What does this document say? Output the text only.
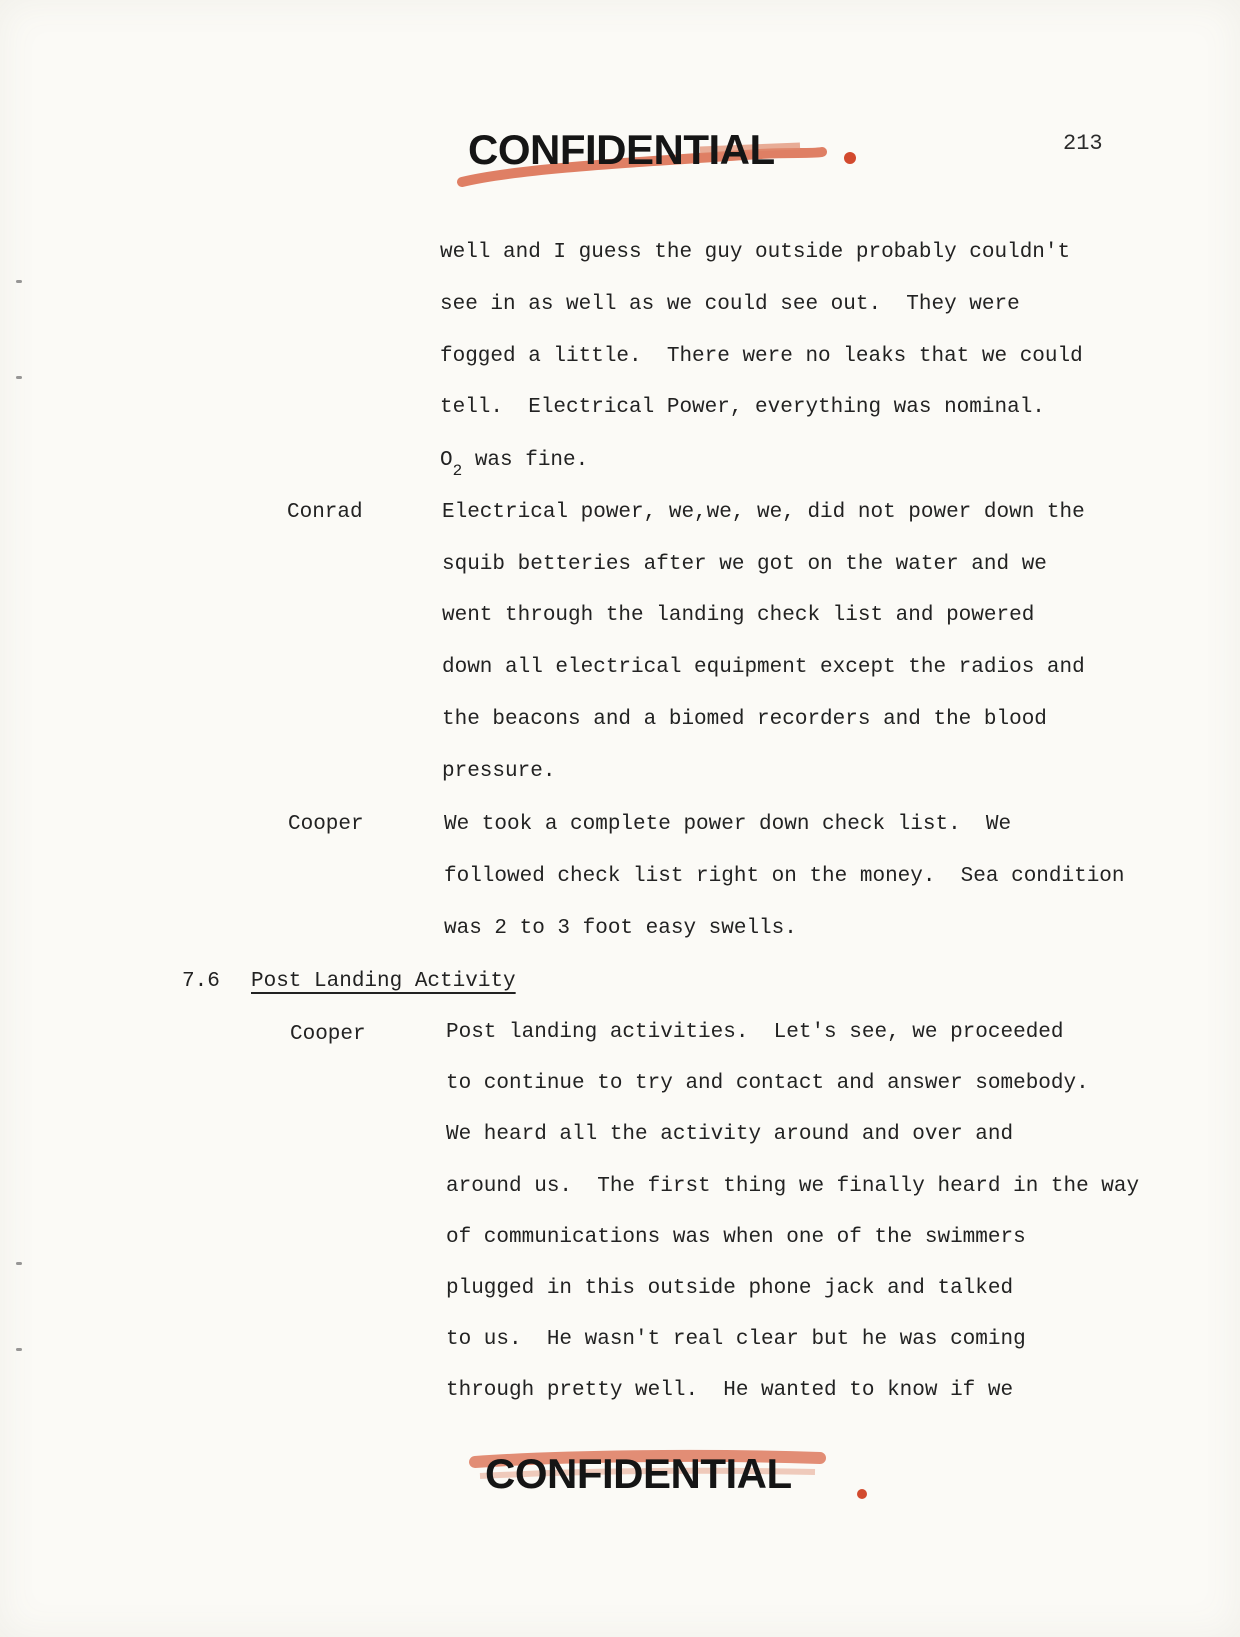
CONFIDENTIAL	213
well and I guess the guy outside probably couldn't
see in as well as we could see out.  They were
fogged a little.  There were no leaks that we could
tell.  Electrical Power, everything was nominal.
$O_2$ was fine.
Conrad	Electrical power, we,we, we, did not power down the
squib betteries after we got on the water and we
went through the landing check list and powered
down all electrical equipment except the radios and
the beacons and a biomed recorders and the blood
pressure.
Cooper	We took a complete power down check list.  We
followed check list right on the money.  Sea condition
was 2 to 3 foot easy swells.
7.6 Post Landing Activity
Cooper	Post landing activities.  Let's see, we proceeded
to continue to try and contact and answer somebody.
We heard all the activity around and over and
around us.  The first thing we finally heard in the way
of communications was when one of the swimmers
plugged in this outside phone jack and talked
to us.  He wasn't real clear but he was coming
through pretty well.  He wanted to know if we
CONFIDENTIAL
